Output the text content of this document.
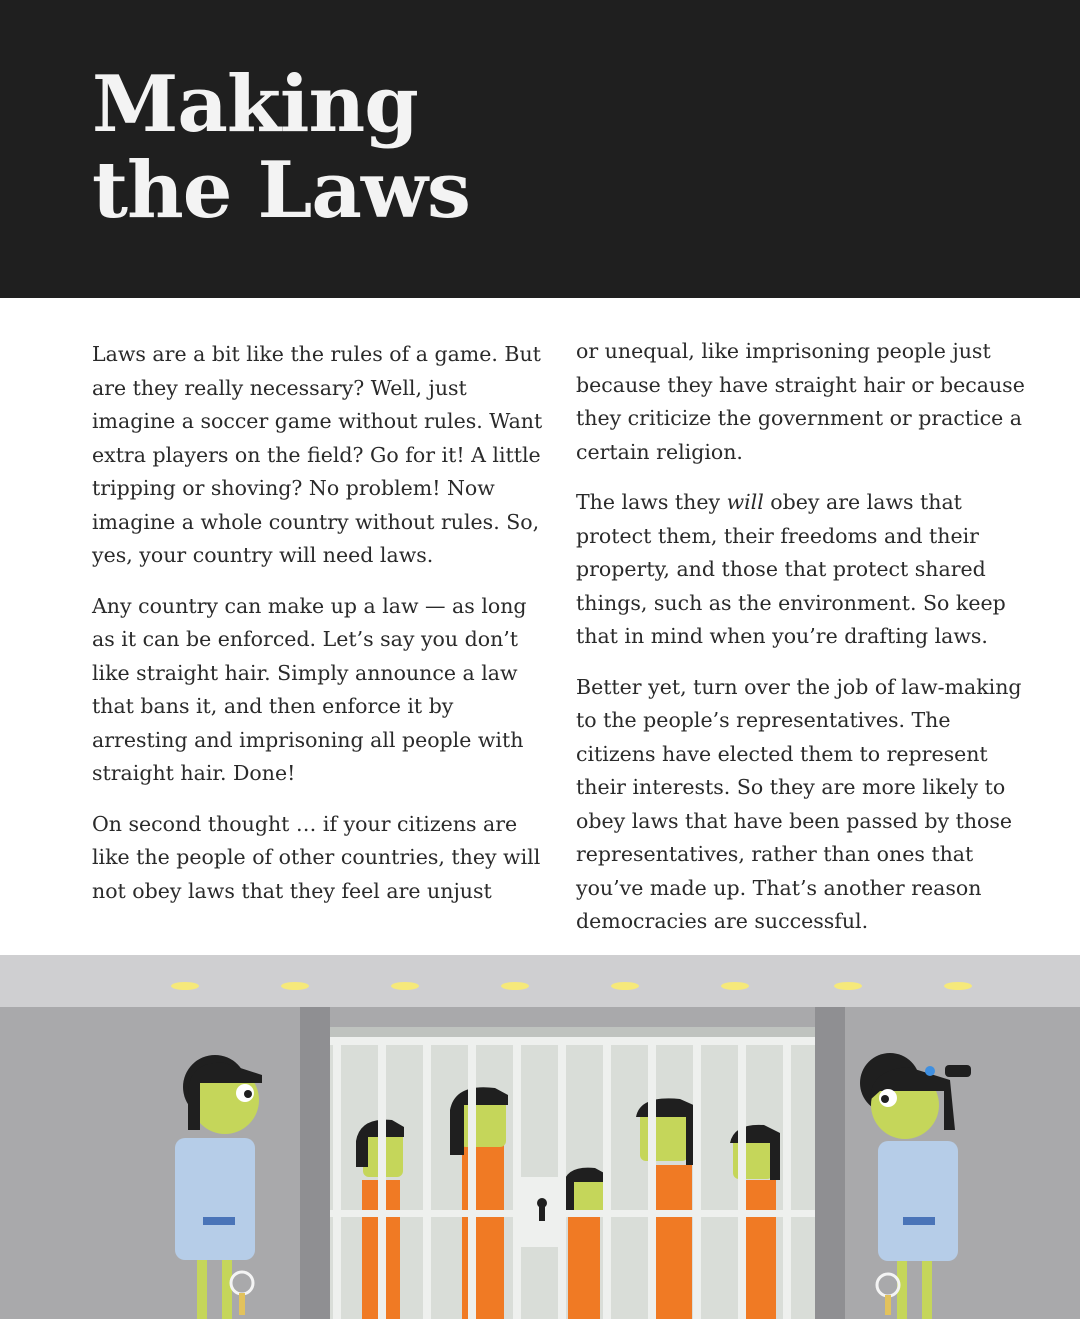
Making
the Laws

Laws are a bit like the rules of a game. But are they really necessary? Well, just imagine a soccer game without rules. Want extra players on the field? Go for it! A little tripping or shoving? No problem! Now imagine a whole country without rules. So, yes, your country will need laws.

Any country can make up a law — as long as it can be enforced. Let’s say you don’t like straight hair. Simply announce a law that bans it, and then enforce it by arresting and imprisoning all people with straight hair. Done!

On second thought … if your citizens are like the people of other countries, they will not obey laws that they feel are unjust

or unequal, like imprisoning people just because they have straight hair or because they criticize the government or practice a certain religion.

The laws they will obey are laws that protect them, their freedoms and their property, and those that protect shared things, such as the environment. So keep that in mind when you’re drafting laws.

Better yet, turn over the job of law-making to the people’s representatives. The citizens have elected them to represent their interests. So they are more likely to obey laws that have been passed by those representatives, rather than ones that you’ve made up. That’s another reason democracies are successful.
